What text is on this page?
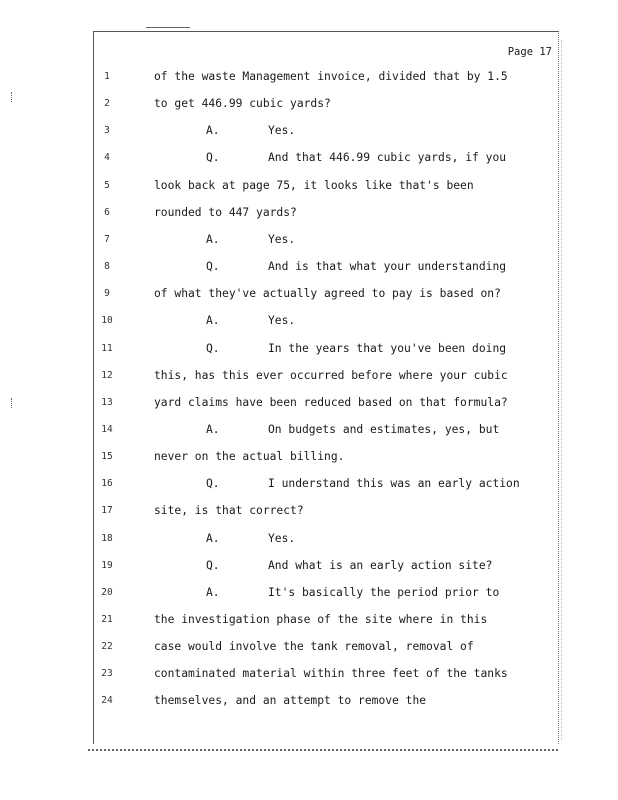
Page 17
1	of the waste Management invoice, divided that by 1.5
2	to get 446.99 cubic yards?
3	A.	Yes.
4	Q.	And that 446.99 cubic yards, if you
5	look back at page 75, it looks like that's been
6	rounded to 447 yards?
7	A.	Yes.
8	Q.	And is that what your understanding
9	of what they've actually agreed to pay is based on?
10	A.	Yes.
11	Q.	In the years that you've been doing
12	this, has this ever occurred before where your cubic
13	yard claims have been reduced based on that formula?
14	A.	On budgets and estimates, yes, but
15	never on the actual billing.
16	Q.	I understand this was an early action
17	site, is that correct?
18	A.	Yes.
19	Q.	And what is an early action site?
20	A.	It's basically the period prior to
21	the investigation phase of the site where in this
22	case would involve the tank removal, removal of
23	contaminated material within three feet of the tanks
24	themselves, and an attempt to remove the
